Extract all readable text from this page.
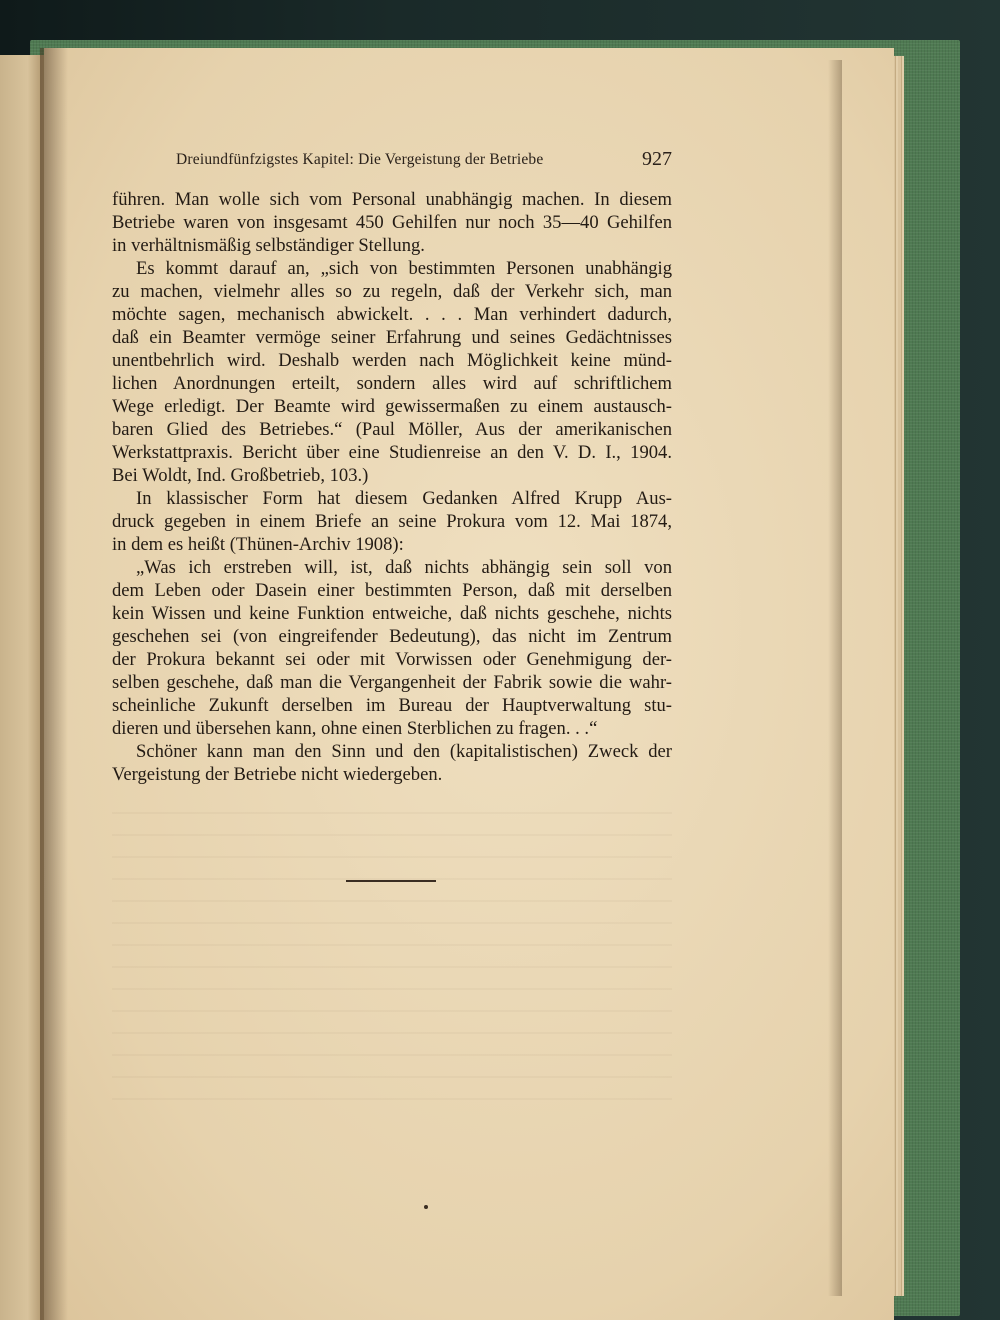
Dreiundfünfzigstes Kapitel: Die Vergeistung der Betriebe	927
führen. Man wolle sich vom Personal unabhängig machen. In diesem
Betriebe waren von insgesamt 450 Gehilfen nur noch 35—40 Gehilfen
in verhältnismäßig selbständiger Stellung.
Es kommt darauf an, „sich von bestimmten Personen unabhängig
zu machen, vielmehr alles so zu regeln, daß der Verkehr sich, man
möchte sagen, mechanisch abwickelt. . . . Man verhindert dadurch,
daß ein Beamter vermöge seiner Erfahrung und seines Gedächtnisses
unentbehrlich wird. Deshalb werden nach Möglichkeit keine münd-
lichen Anordnungen erteilt, sondern alles wird auf schriftlichem
Wege erledigt. Der Beamte wird gewissermaßen zu einem austausch-
baren Glied des Betriebes.“ (Paul Möller, Aus der amerikanischen
Werkstattpraxis. Bericht über eine Studienreise an den V. D. I., 1904.
Bei Woldt, Ind. Großbetrieb, 103.)
In klassischer Form hat diesem Gedanken Alfred Krupp Aus-
druck gegeben in einem Briefe an seine Prokura vom 12. Mai 1874,
in dem es heißt (Thünen-Archiv 1908):
„Was ich erstreben will, ist, daß nichts abhängig sein soll von
dem Leben oder Dasein einer bestimmten Person, daß mit derselben
kein Wissen und keine Funktion entweiche, daß nichts geschehe, nichts
geschehen sei (von eingreifender Bedeutung), das nicht im Zentrum
der Prokura bekannt sei oder mit Vorwissen oder Genehmigung der-
selben geschehe, daß man die Vergangenheit der Fabrik sowie die wahr-
scheinliche Zukunft derselben im Bureau der Hauptverwaltung stu-
dieren und übersehen kann, ohne einen Sterblichen zu fragen. . .“
Schöner kann man den Sinn und den (kapitalistischen) Zweck der
Vergeistung der Betriebe nicht wiedergeben.
